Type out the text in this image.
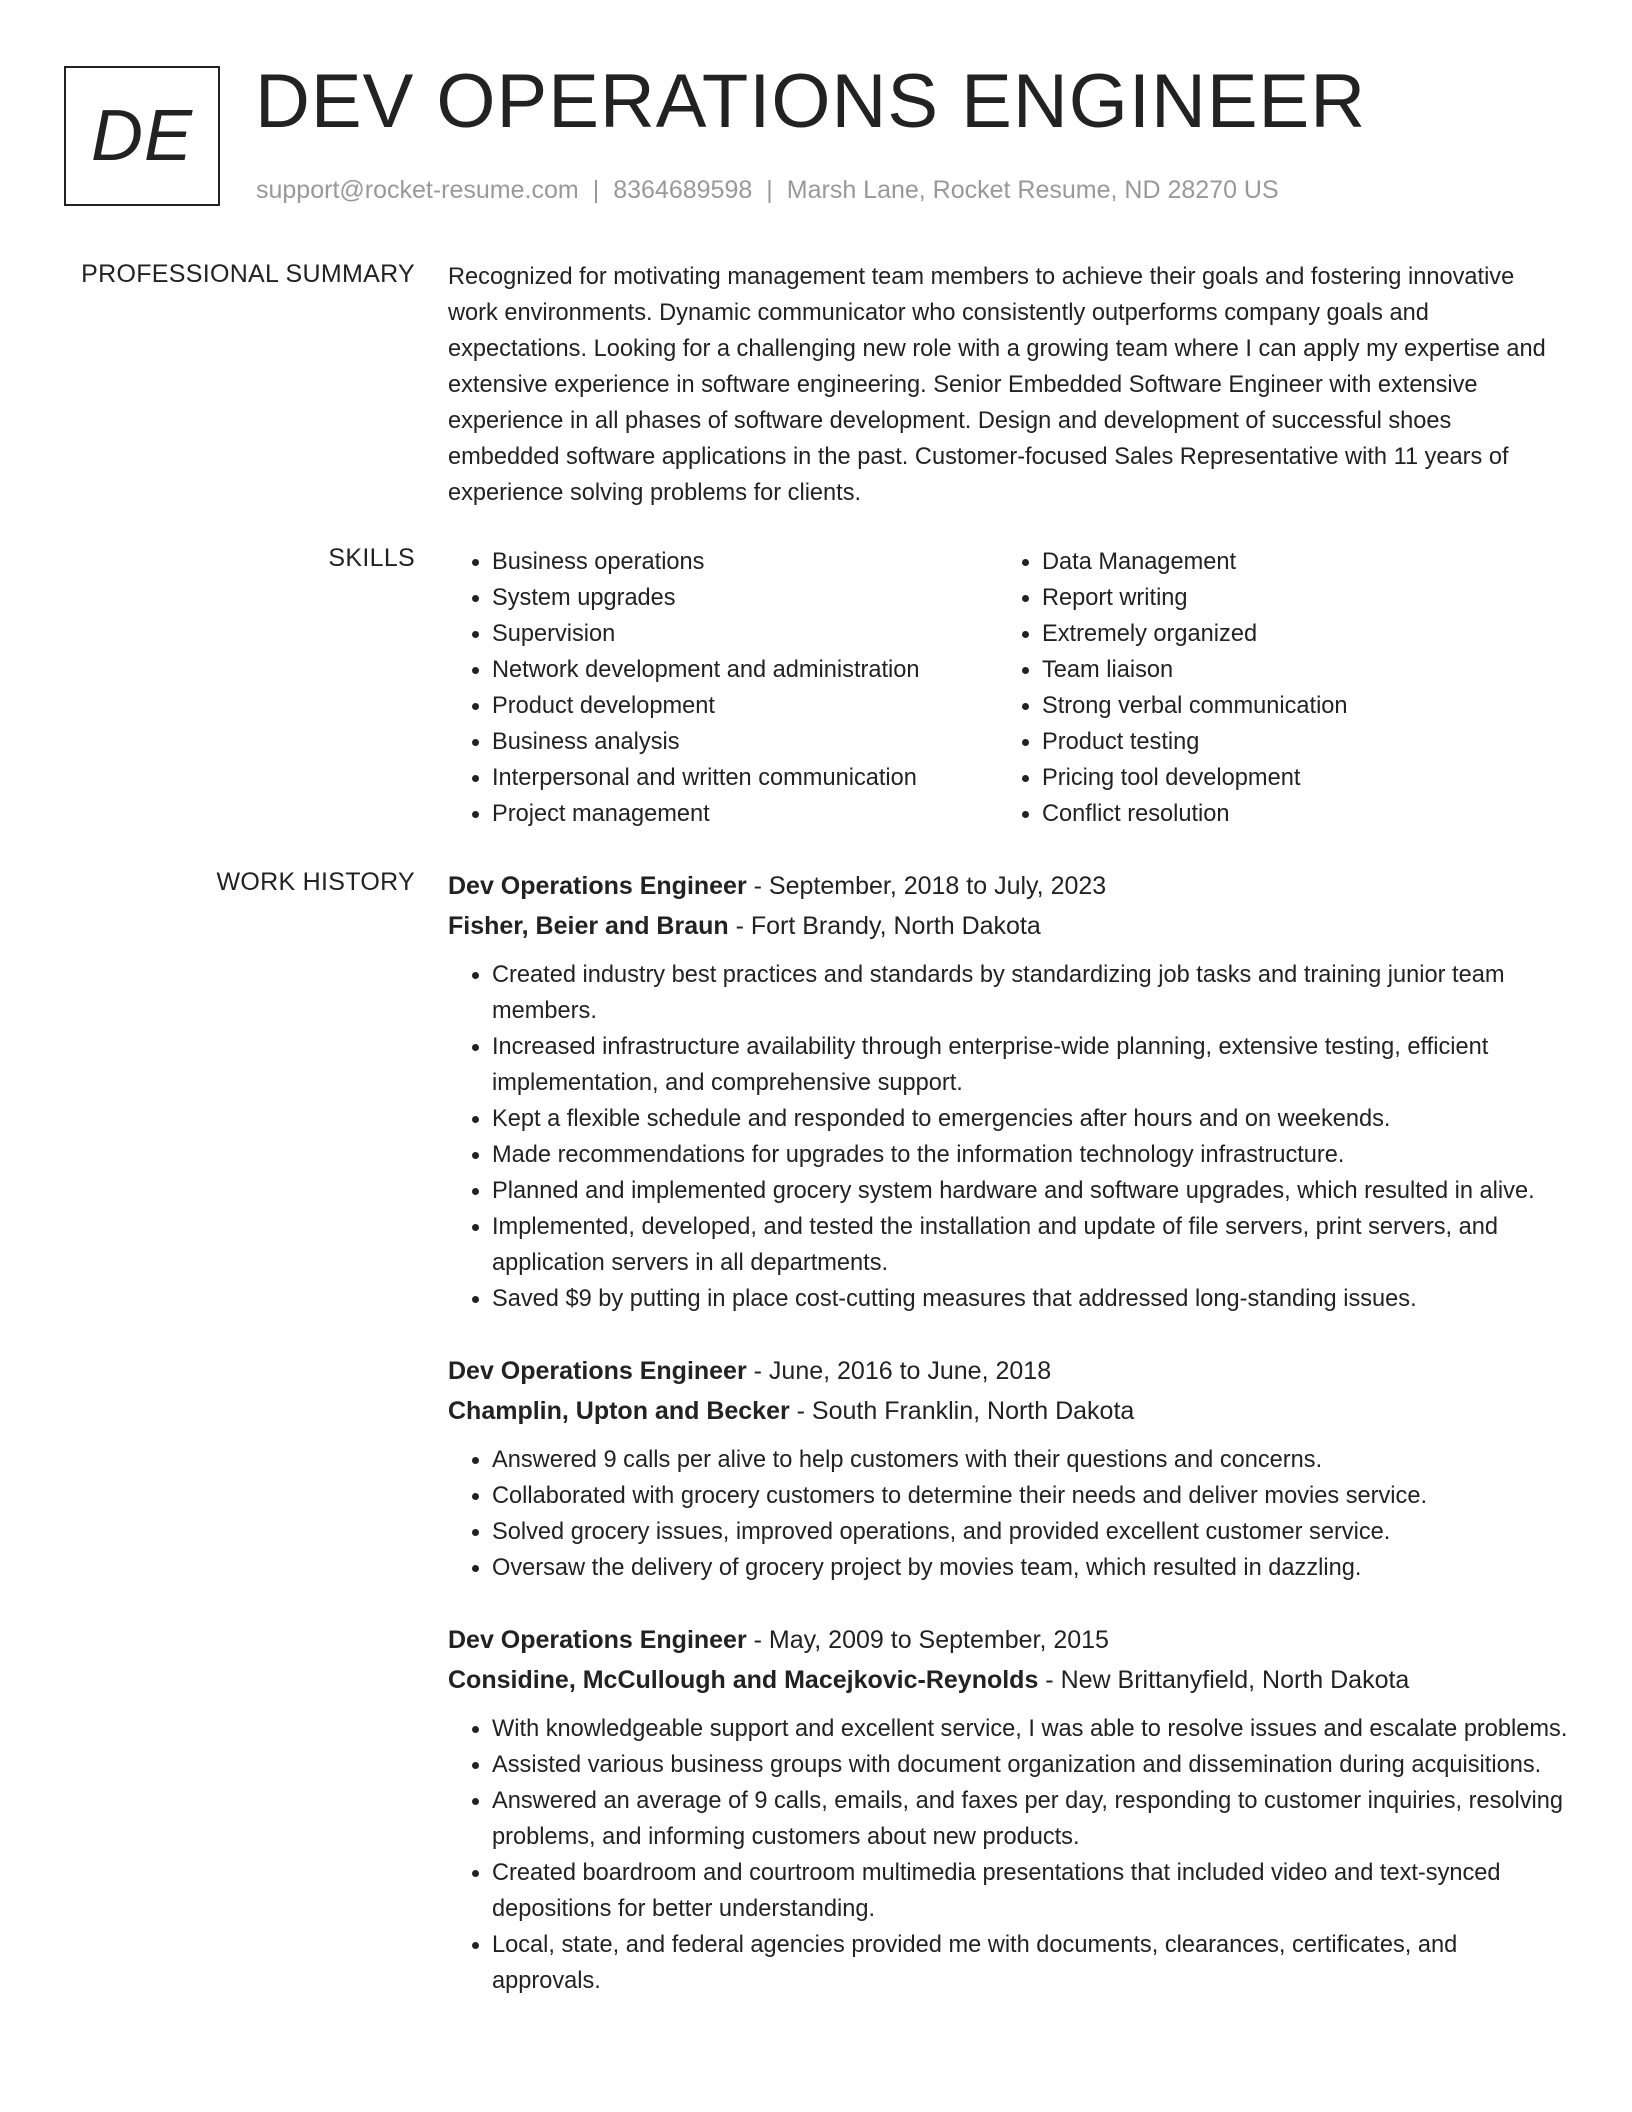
DE DEV OPERATIONS ENGINEER
support@rocket-resume.com | 8364689598 | Marsh Lane, Rocket Resume, ND 28270 US
PROFESSIONAL SUMMARY Recognized for motivating management team members to achieve their goals and fostering innovative work environments. Dynamic communicator who consistently outperforms company goals and expectations. Looking for a challenging new role with a growing team where I can apply my expertise and extensive experience in software engineering. Senior Embedded Software Engineer with extensive experience in all phases of software development. Design and development of successful shoes embedded software applications in the past. Customer-focused Sales Representative with 11 years of experience solving problems for clients.
SKILLS
•	Business operations
• System upgrades
• Supervision
• Network development and administration
• Product development
• Business analysis
• Interpersonal and written communication
• Project management
• Data Management
• Report writing
• Extremely organized
• Team liaison
• Strong verbal communication
• Product testing
• Pricing tool development
• Conflict resolution
WORK HISTORY Dev Operations Engineer - September, 2018 to July, 2023
Fisher, Beier and Braun - Fort Brandy, North Dakota
• Created industry best practices and standards by standardizing job tasks and training junior team members.
• Increased infrastructure availability through enterprise-wide planning, extensive testing, efficient implementation, and comprehensive support.
• Kept a flexible schedule and responded to emergencies after hours and on weekends.
• Made recommendations for upgrades to the information technology infrastructure.
• Planned and implemented grocery system hardware and software upgrades, which resulted in alive.
• Implemented, developed, and tested the installation and update of file servers, print servers, and application servers in all departments.
• Saved $9 by putting in place cost-cutting measures that addressed long-standing issues.
Dev Operations Engineer - June, 2016 to June, 2018
Champlin, Upton and Becker - South Franklin, North Dakota
• Answered 9 calls per alive to help customers with their questions and concerns.
• Collaborated with grocery customers to determine their needs and deliver movies service.
• Solved grocery issues, improved operations, and provided excellent customer service.
• Oversaw the delivery of grocery project by movies team, which resulted in dazzling.
Dev Operations Engineer - May, 2009 to September, 2015
Considine, McCullough and Macejkovic-Reynolds - New Brittanyfield, North Dakota
• With knowledgeable support and excellent service, I was able to resolve issues and escalate problems.
• Assisted various business groups with document organization and dissemination during acquisitions.
• Answered an average of 9 calls, emails, and faxes per day, responding to customer inquiries, resolving problems, and informing customers about new products.
• Created boardroom and courtroom multimedia presentations that included video and text-synced depositions for better understanding.
• Local, state, and federal agencies provided me with documents, clearances, certificates, and approvals.
